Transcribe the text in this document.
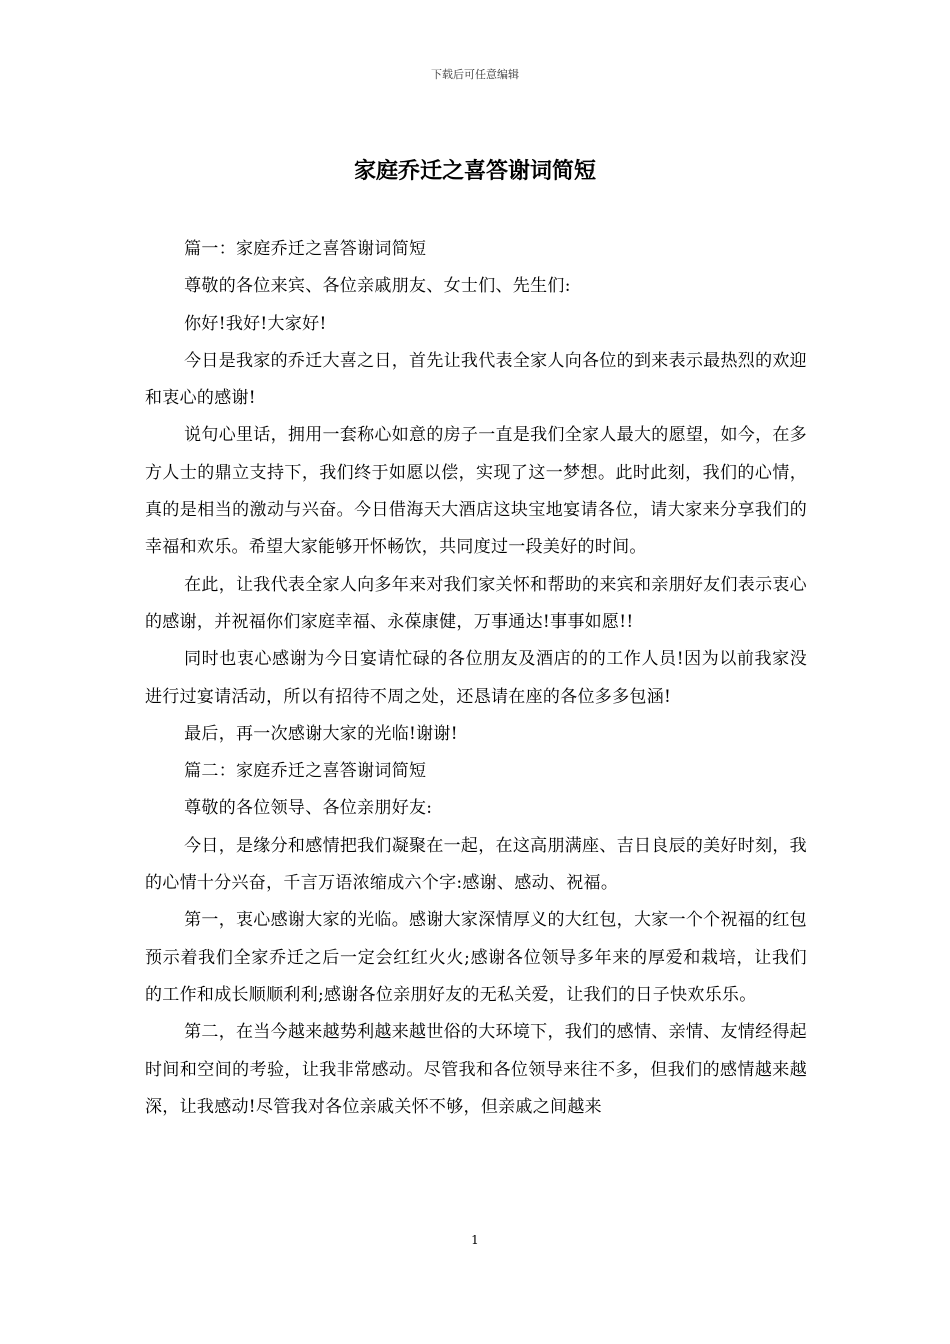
下载后可任意编辑
家庭乔迁之喜答谢词简短

篇一：家庭乔迁之喜答谢词简短

尊敬的各位来宾、各位亲戚朋友、女士们、先生们:

你好!我好!大家好!

今日是我家的乔迁大喜之日，首先让我代表全家人向各位的到来表示最热烈的欢迎和衷心的感谢!

说句心里话，拥用一套称心如意的房子一直是我们全家人最大的愿望，如今，在多方人士的鼎立支持下，我们终于如愿以偿，实现了这一梦想。此时此刻，我们的心情，真的是相当的激动与兴奋。今日借海天大酒店这块宝地宴请各位，请大家来分享我们的幸福和欢乐。希望大家能够开怀畅饮，共同度过一段美好的时间。

在此，让我代表全家人向多年来对我们家关怀和帮助的来宾和亲朋好友们表示衷心的感谢，并祝福你们家庭幸福、永葆康健，万事通达!事事如愿!!

同时也衷心感谢为今日宴请忙碌的各位朋友及酒店的的工作人员!因为以前我家没进行过宴请活动，所以有招待不周之处，还恳请在座的各位多多包涵!

最后，再一次感谢大家的光临!谢谢!

篇二：家庭乔迁之喜答谢词简短

尊敬的各位领导、各位亲朋好友:

今日，是缘分和感情把我们凝聚在一起，在这高朋满座、吉日良辰的美好时刻，我的心情十分兴奋，千言万语浓缩成六个字:感谢、感动、祝福。

第一，衷心感谢大家的光临。感谢大家深情厚义的大红包，大家一个个祝福的红包预示着我们全家乔迁之后一定会红红火火;感谢各位领导多年来的厚爱和栽培，让我们的工作和成长顺顺利利;感谢各位亲朋好友的无私关爱，让我们的日子快欢乐乐。

第二，在当今越来越势利越来越世俗的大环境下，我们的感情、亲情、友情经得起时间和空间的考验，让我非常感动。尽管我和各位领导来往不多，但我们的感情越来越深，让我感动!尽管我对各位亲戚关怀不够，但亲戚之间越来

1
